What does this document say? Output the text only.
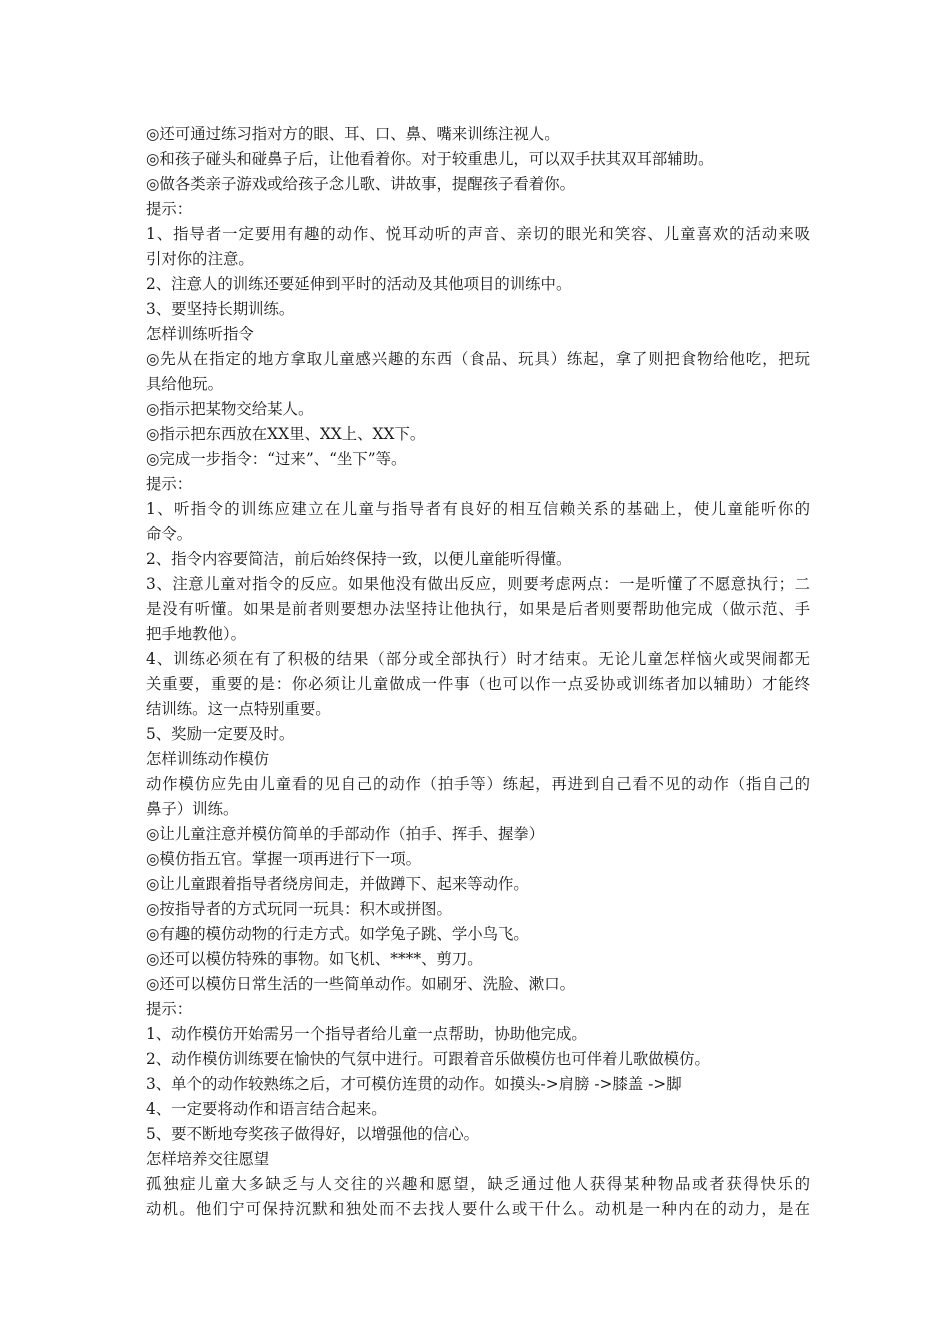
◎还可通过练习指对方的眼、耳、口、鼻、嘴来训练注视人。
◎和孩子碰头和碰鼻子后，让他看着你。对于较重患儿，可以双手扶其双耳部辅助。
◎做各类亲子游戏或给孩子念儿歌、讲故事，提醒孩子看着你。
提示：
1、指导者一定要用有趣的动作、悦耳动听的声音、亲切的眼光和笑容、儿童喜欢的活动来吸
引对你的注意。
2、注意人的训练还要延伸到平时的活动及其他项目的训练中。
3、要坚持长期训练。
怎样训练听指令
◎先从在指定的地方拿取儿童感兴趣的东西（食品、玩具）练起，拿了则把食物给他吃，把玩
具给他玩。
◎指示把某物交给某人。
◎指示把东西放在XX里、XX上、XX下。
◎完成一步指令：“过来”、“坐下”等。
提示：
1、听指令的训练应建立在儿童与指导者有良好的相互信赖关系的基础上，使儿童能听你的
命令。
2、指令内容要简洁，前后始终保持一致，以便儿童能听得懂。
3、注意儿童对指令的反应。如果他没有做出反应，则要考虑两点：一是听懂了不愿意执行；二
是没有听懂。如果是前者则要想办法坚持让他执行，如果是后者则要帮助他完成（做示范、手
把手地教他）。
4、训练必须在有了积极的结果（部分或全部执行）时才结束。无论儿童怎样恼火或哭闹都无
关重要，重要的是：你必须让儿童做成一件事（也可以作一点妥协或训练者加以辅助）才能终
结训练。这一点特别重要。
5、奖励一定要及时。
怎样训练动作模仿
动作模仿应先由儿童看的见自己的动作（拍手等）练起，再进到自己看不见的动作（指自己的
鼻子）训练。
◎让儿童注意并模仿简单的手部动作（拍手、挥手、握拳）
◎模仿指五官。掌握一项再进行下一项。
◎让儿童跟着指导者绕房间走，并做蹲下、起来等动作。
◎按指导者的方式玩同一玩具：积木或拼图。
◎有趣的模仿动物的行走方式。如学兔子跳、学小鸟飞。
◎还可以模仿特殊的事物。如飞机、****、剪刀。
◎还可以模仿日常生活的一些简单动作。如刷牙、洗脸、漱口。
提示：
1、动作模仿开始需另一个指导者给儿童一点帮助，协助他完成。
2、动作模仿训练要在愉快的气氛中进行。可跟着音乐做模仿也可伴着儿歌做模仿。
3、单个的动作较熟练之后，才可模仿连贯的动作。如摸头->肩膀 ->膝盖 ->脚
4、一定要将动作和语言结合起来。
5、要不断地夸奖孩子做得好，以增强他的信心。
怎样培养交往愿望
孤独症儿童大多缺乏与人交往的兴趣和愿望，缺乏通过他人获得某种物品或者获得快乐的
动机。他们宁可保持沉默和独处而不去找人要什么或干什么。动机是一种内在的动力，是在
